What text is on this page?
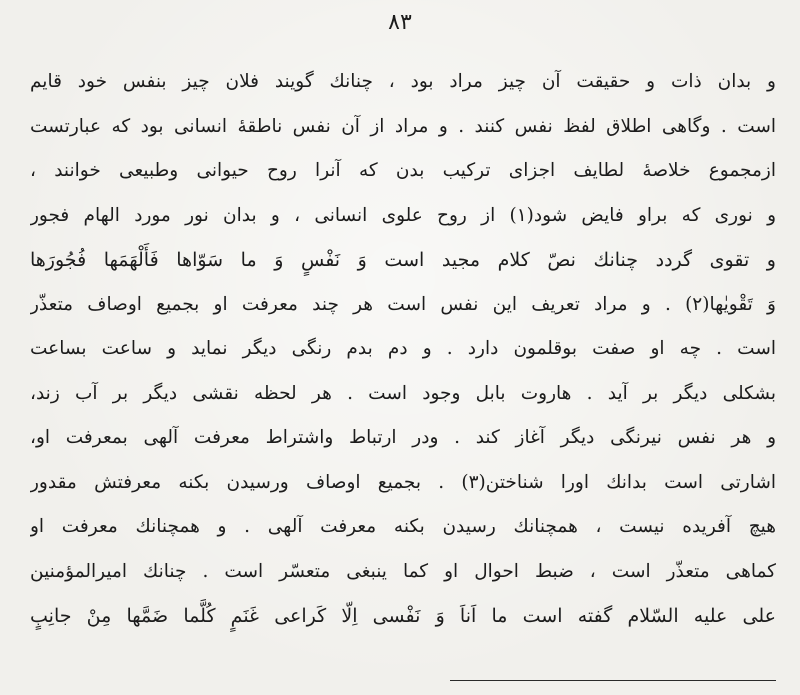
۸۳
و بدان ذات و حقیقت آن چیز مراد بود ، چنانك گویند فلان چیز بنفس خود قایم
است . وگاهی اطلاق لفظ نفس کنند . و مراد از آن نفس ناطقهٔ انسانی بود که عبارتست
ازمجموع خلاصهٔ لطایف اجزای ترکیب بدن که آنرا روح حیوانی وطبیعی خوانند ،
و نوری که براو فایض شود(۱) از روح علوی انسانی ، و بدان نور مورد الهام فجور
و تقوی گردد چنانك نصّ کلام مجید است وَ نَفْسٍ وَ ما سَوّاها فَأَلْهَمَها فُجُورَها
وَ تَقْویٰها(۲) . و مراد تعریف این نفس است هر چند معرفت او بجمیع اوصاف متعذّر
است . چه او صفت بوقلمون دارد . و دم بدم رنگی دیگر نماید و ساعت بساعت
بشکلی دیگر بر آید . هاروت بابل وجود است . هر لحظه نقشی دیگر بر آب زند،
و هر نفس نیرنگی دیگر آغاز کند . ودر ارتباط واشتراط معرفت آلهی بمعرفت او،
اشارتی است بدانك اورا شناختن(۳) . بجمیع اوصاف ورسیدن بکنه معرفتش مقدور
هیچ آفریده نیست ، همچنانك رسیدن بکنه معرفت آلهی . و همچنانك معرفت او
کماهی متعذّر است ، ضبط احوال او کما ینبغی متعسّر است . چنانك امیرالمؤمنین
علی علیه السّلام گفته است ما اَناَ وَ نَفْسی اِلّا کَراعی غَنَمٍ کُلَّما ضَمَّها مِنْ جانِبٍ
